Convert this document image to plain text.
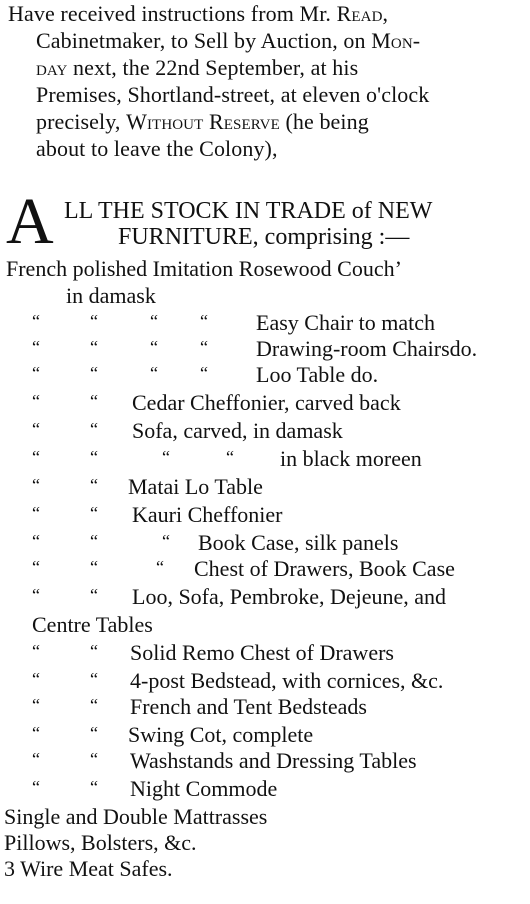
Have received instructions from Mr. Read,
Cabinetmaker, to Sell by Auction, on Mon-
day next, the 22nd September, at his
Premises, Shortland-street, at eleven o'clock
precisely, Without Reserve (he being
about to leave the Colony),

A LL THE STOCK IN TRADE of NEW
FURNITURE, comprising :—
French polished Imitation Rosewood Couch’
in damask
“	“	“ “ Easy Chair to match
“	“	“ “ Drawing-room Chairsdo.
“	“	“ “ Loo Table do.
“	“ Cedar Cheffonier, carved back
“	“ Sofa, carved, in damask
“	“	“	“ in black moreen
“	“ Matai Lo Table
“	“ Kauri Cheffonier
“	“	“ Book Case, silk panels
“	“	“ Chest of Drawers, Book Case
“	“ Loo, Sofa, Pembroke, Dejeune, and
Centre Tables
“	“ Solid Remo Chest of Drawers
“	“ 4-post Bedstead, with cornices, &c.
“	“ French and Tent Bedsteads
“	“ Swing Cot, complete
“	“ Washstands and Dressing Tables
“	“ Night Commode
Single and Double Mattrasses
Pillows, Bolsters, &c.
3 Wire Meat Safes.
